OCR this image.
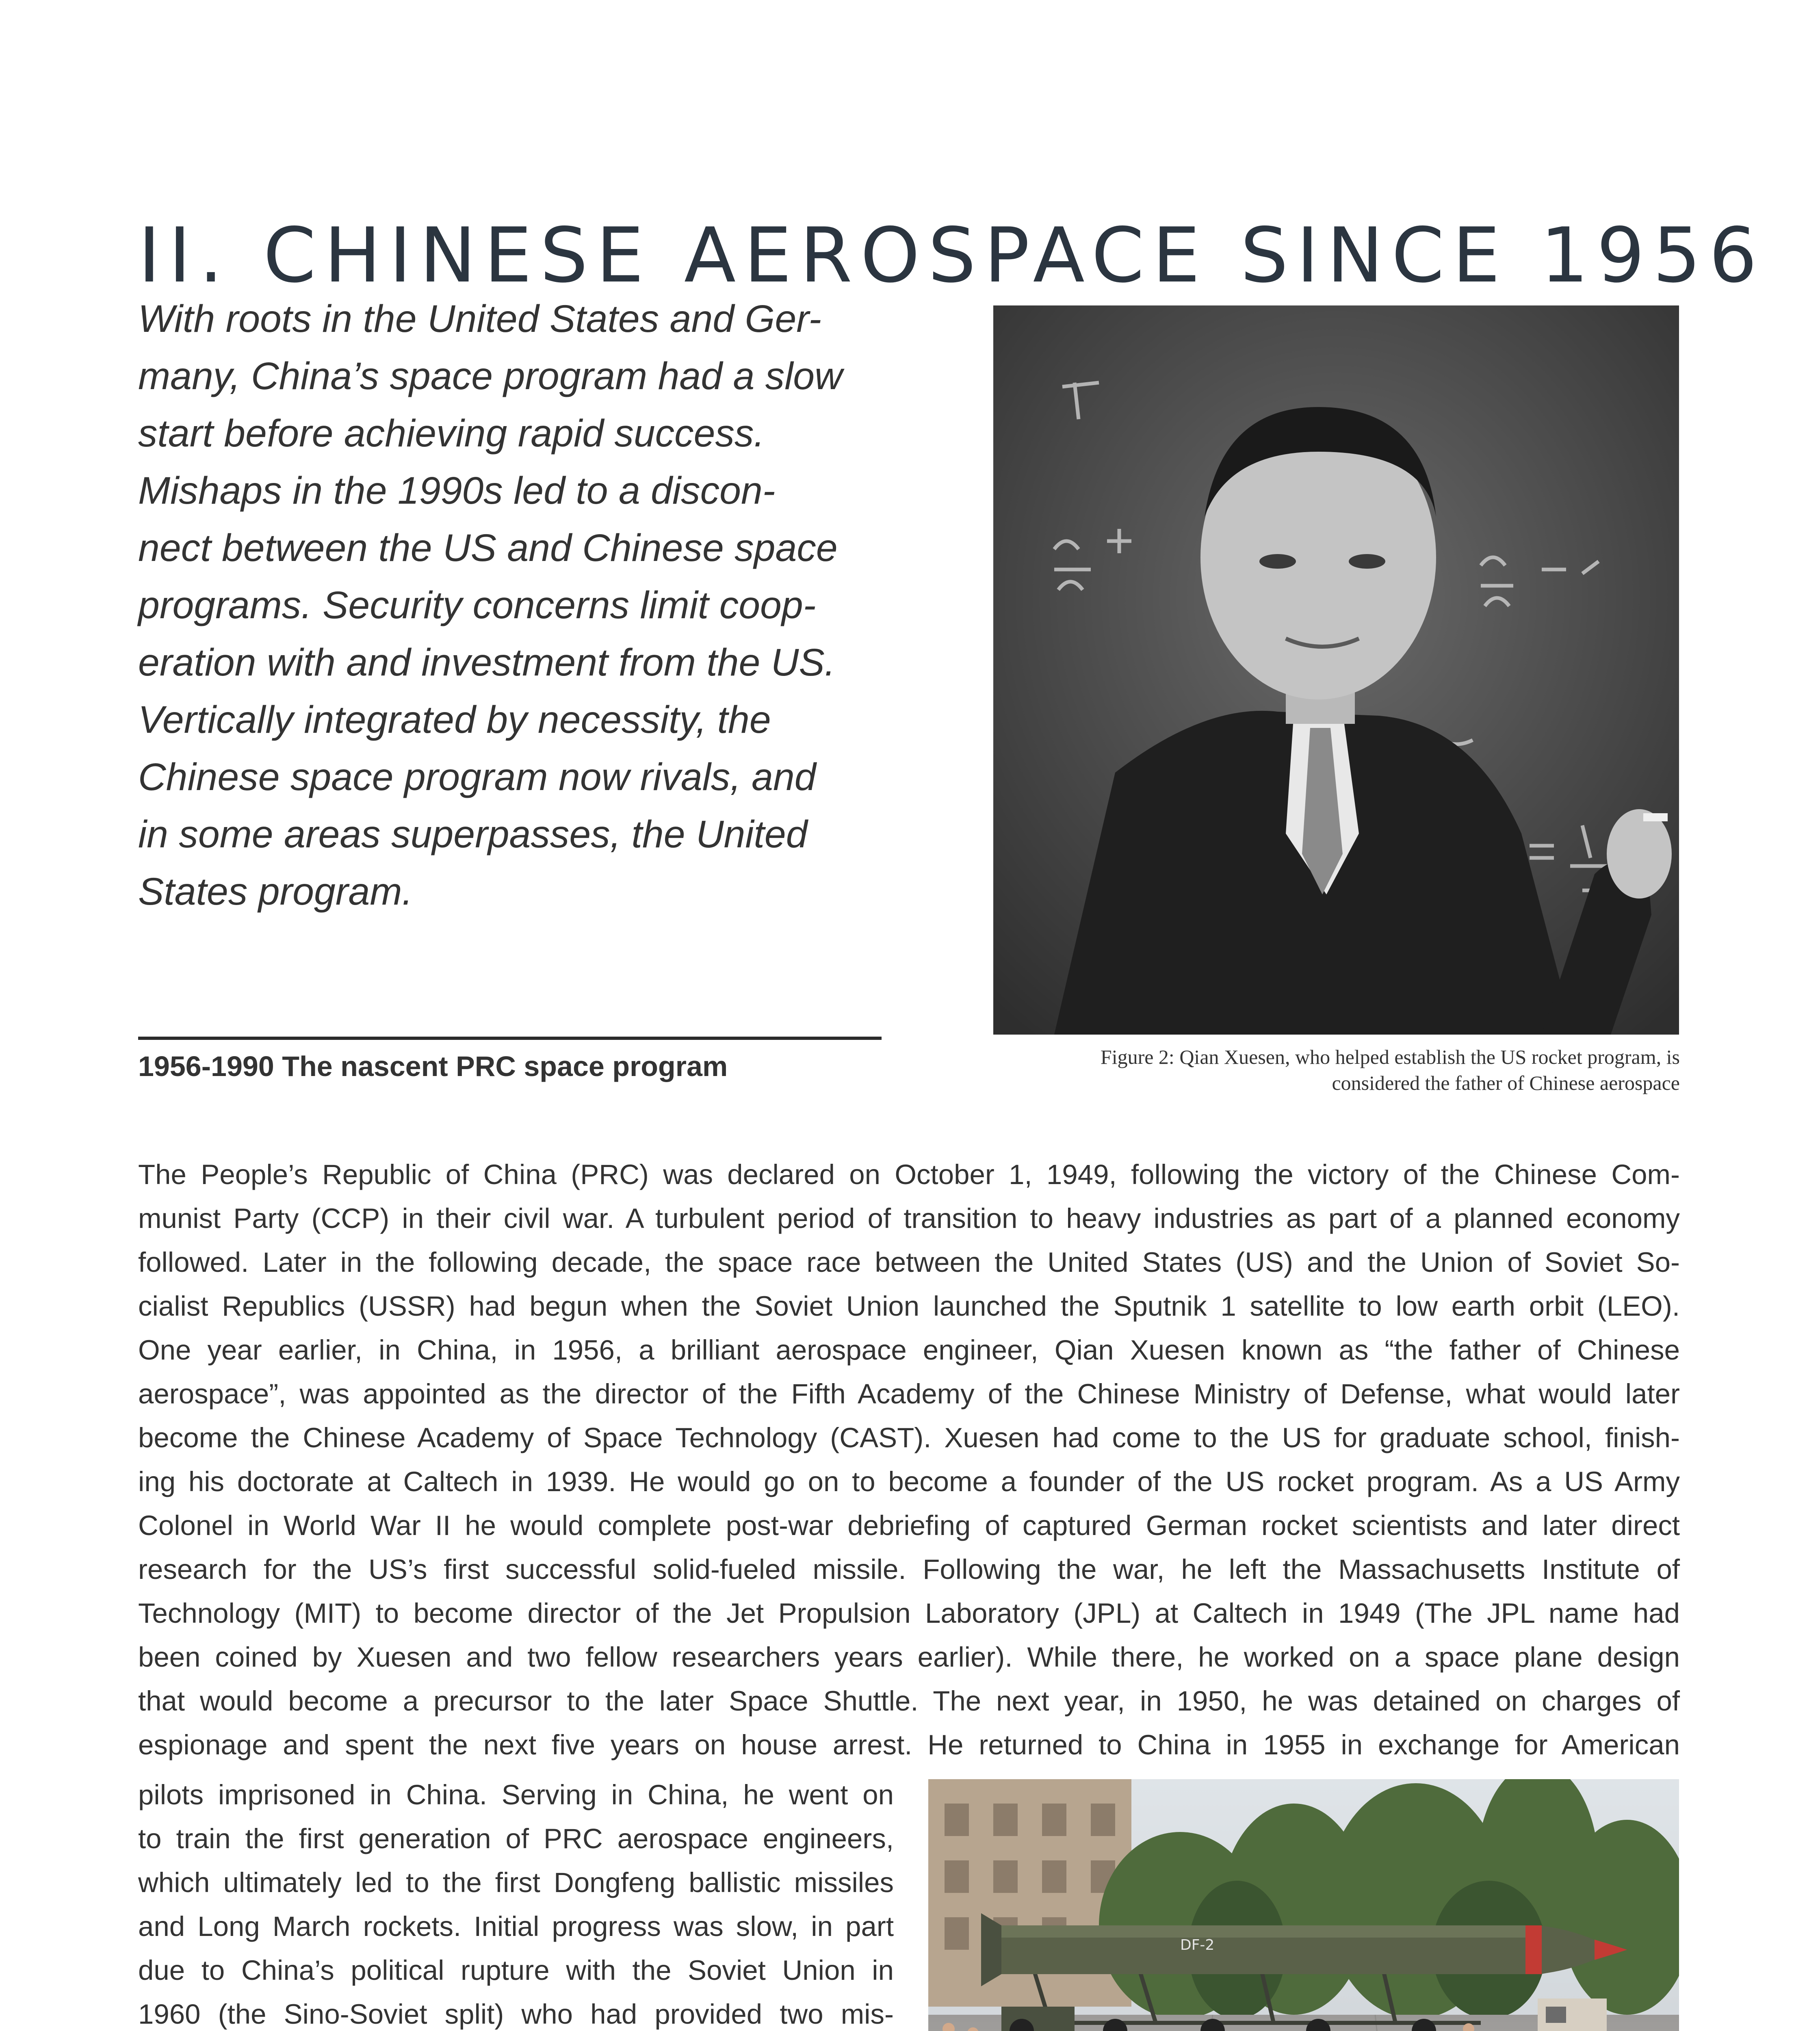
II. CHINESE AEROSPACE SINCE 1956
With roots in the United States and Ger-
many, China’s space program had a slow
start before achieving rapid success.
Mishaps in the 1990s led to a discon-
nect between the US and Chinese space
programs. Security concerns limit coop-
eration with and investment from the US.
Vertically integrated by necessity, the
Chinese space program now rivals, and
in some areas superpasses, the United
States program.
Figure 2: Qian Xuesen, who helped establish the US rocket program, is
considered the father of Chinese aerospace
1956-1990 The nascent PRC space program
The People’s Republic of China (PRC) was declared on October 1, 1949, following the victory of the Chinese Com-
munist Party (CCP) in their civil war. A turbulent period of transition to heavy industries as part of a planned economy
followed. Later in the following decade, the space race between the United States (US) and the Union of Soviet So-
cialist Republics (USSR) had begun when the Soviet Union launched the Sputnik 1 satellite to low earth orbit (LEO).
One year earlier, in China, in 1956, a brilliant aerospace engineer, Qian Xuesen known as “the father of Chinese
aerospace”, was appointed as the director of the Fifth Academy of the Chinese Ministry of Defense, what would later
become the Chinese Academy of Space Technology (CAST). Xuesen had come to the US for graduate school, finish-
ing his doctorate at Caltech in 1939. He would go on to become a founder of the US rocket program. As a US Army
Colonel in World War II he would complete post-war debriefing of captured German rocket scientists and later direct
research for the US’s first successful solid-fueled missile. Following the war, he left the Massachusetts Institute of
Technology (MIT) to become director of the Jet Propulsion Laboratory (JPL) at Caltech in 1949 (The JPL name had
been coined by Xuesen and two fellow researchers years earlier). While there, he worked on a space plane design
that would become a precursor to the later Space Shuttle. The next year, in 1950, he was detained on charges of
espionage and spent the next five years on house arrest. He returned to China in 1955 in exchange for American
pilots imprisoned in China. Serving in China, he went on
to train the first generation of PRC aerospace engineers,
which ultimately led to the first Dongfeng ballistic missiles
and Long March rockets. Initial progress was slow, in part
due to China’s political rupture with the Soviet Union in
1960 (the Sino-Soviet split) who had provided two mis-
DF-2
